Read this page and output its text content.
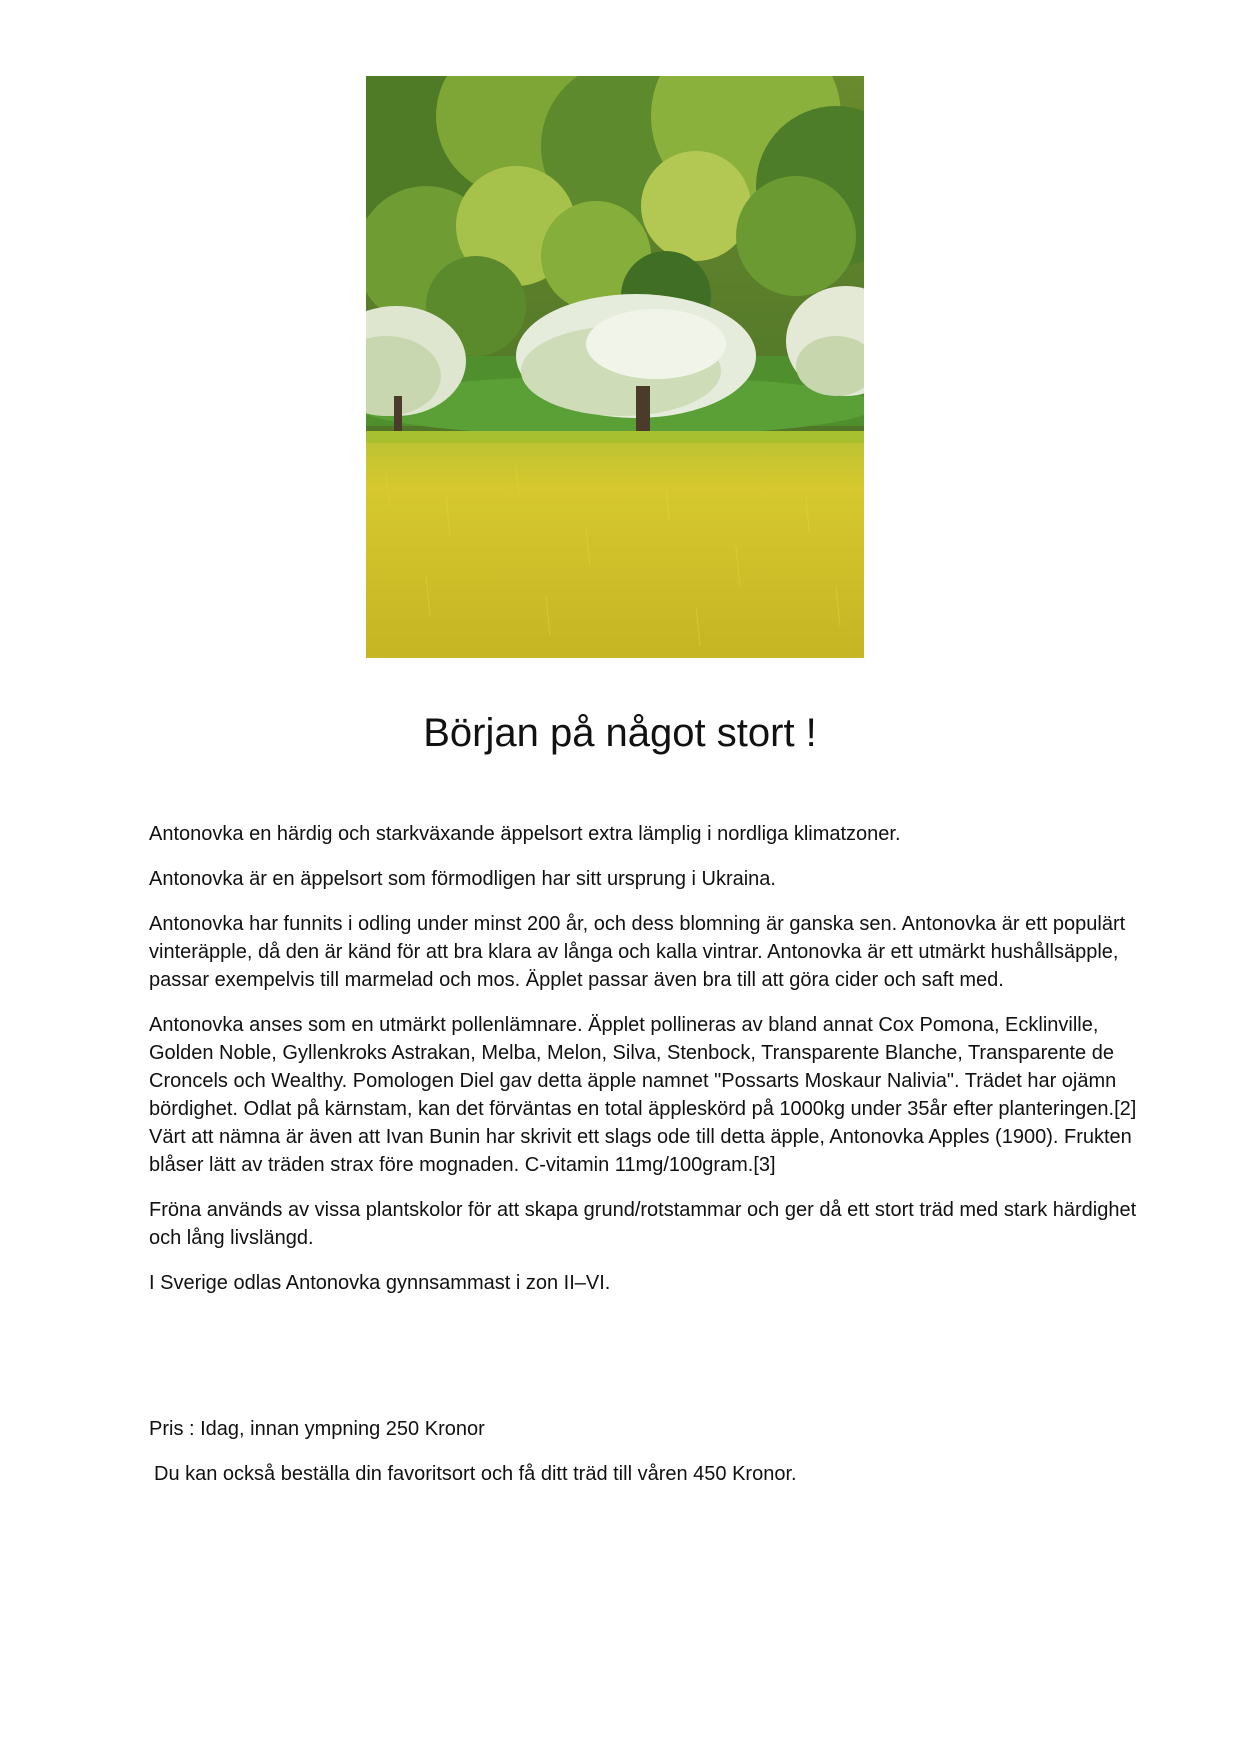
Början på något stort !

Antonovka en härdig och starkväxande äppelsort extra lämplig i nordliga klimatzoner.

Antonovka är en äppelsort som förmodligen har sitt ursprung i Ukraina.

Antonovka har funnits i odling under minst 200 år, och dess blomning är ganska sen. Antonovka är ett populärt vinteräpple, då den är känd för att bra klara av långa och kalla vintrar. Antonovka är ett utmärkt hushållsäpple, passar exempelvis till marmelad och mos. Äpplet passar även bra till att göra cider och saft med.

Antonovka anses som en utmärkt pollenlämnare. Äpplet pollineras av bland annat Cox Pomona, Ecklinville, Golden Noble, Gyllenkroks Astrakan, Melba, Melon, Silva, Stenbock, Transparente Blanche, Transparente de Croncels och Wealthy. Pomologen Diel gav detta äpple namnet "Possarts Moskaur Nalivia". Trädet har ojämn bördighet. Odlat på kärnstam, kan det förväntas en total äppleskörd på 1000kg under 35år efter planteringen.[2] Värt att nämna är även att Ivan Bunin har skrivit ett slags ode till detta äpple, Antonovka Apples (1900). Frukten blåser lätt av träden strax före mognaden. C-vitamin 11mg/100gram.[3]

Fröna används av vissa plantskolor för att skapa grund/rotstammar och ger då ett stort träd med stark härdighet och lång livslängd.

I Sverige odlas Antonovka gynnsammast i zon II–VI.

Pris : Idag, innan ympning 250 Kronor

Du kan också beställa din favoritsort och få ditt träd till våren 450 Kronor.
